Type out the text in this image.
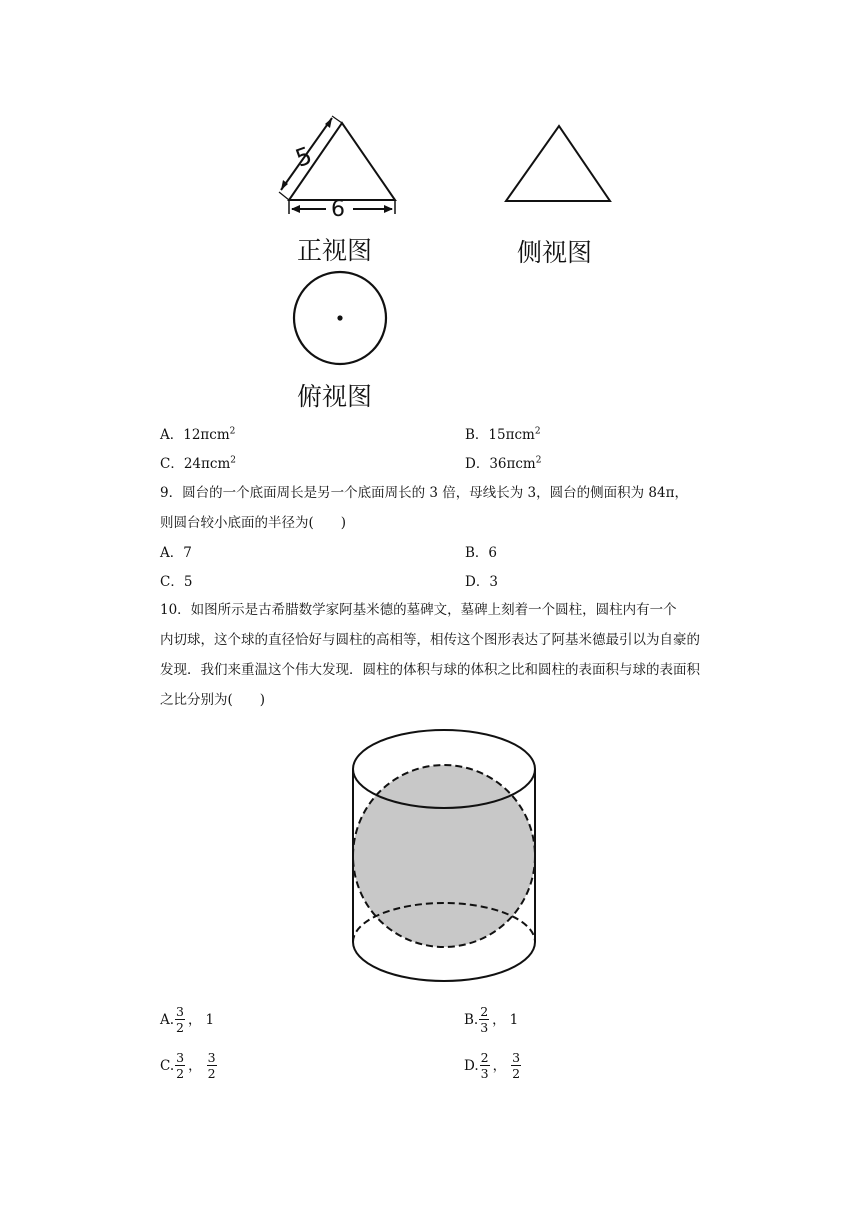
5
6
正视图	侧视图
俯视图
A．12πcm$^2$	B．15πcm$^2$
C．24πcm$^2$	D．36πcm$^2$
9．圆台的一个底面周长是另一个底面周长的 3 倍，母线长为 3，圆台的侧面积为 84π，
则圆台较小底面的半径为(　　)
A．7	B．6
C．5	D．3
10．如图所示是古希腊数学家阿基米德的墓碑文，墓碑上刻着一个圆柱，圆柱内有一个
内切球，这个球的直径恰好与圆柱的高相等，相传这个图形表达了阿基米德最引以为自豪的
发现．我们来重温这个伟大发现．圆柱的体积与球的体积之比和圆柱的表面积与球的表面积
之比分别为(　　)
A. $\frac{3}{2}$ ， 1	B. $\frac{2}{3}$ ， 1
C. $\frac{3}{2}$ ， $\frac{3}{2}$	D. $\frac{2}{3}$ ， $\frac{3}{2}$
